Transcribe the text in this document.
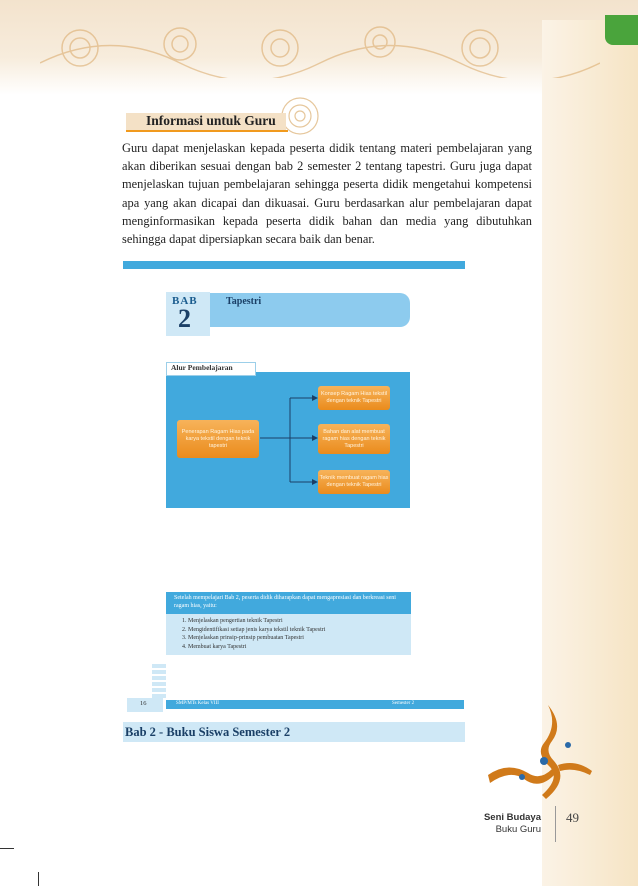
Informasi untuk Guru

Guru dapat menjelaskan kepada peserta didik tentang materi pembelajaran yang akan diberikan sesuai dengan bab 2 semester 2 tentang tapestri. Guru juga dapat menjelaskan tujuan pembelajaran sehingga peserta didik mengetahui kompetensi apa yang akan dicapai dan dikuasai. Guru berdasarkan alur pembelajaran dapat menginformasikan kepada peserta didik bahan dan media yang dibutuhkan sehingga dapat dipersiapkan secara baik dan benar.

BAB
2
Tapestri
Alur Pembelajaran
Penerapan Ragam Hias pada karya tekstil dengan teknik tapestri
Konsep Ragam Hias tekstil dengan teknik Tapestri
Bahan dan alat membuat ragam hias dengan teknik Tapestri
Teknik membuat ragam hias dengan teknik Tapestri
Setelah mempelajari Bab 2, peserta didik diharapkan dapat mengapresiasi dan berkreasi seni ragam hias, yaitu:
1. Menjelaskan pengertian teknik Tapestri
2. Mengidentifikasi setiap jenis karya tekstil teknik Tapestri
3. Menjelaskan prinsip-prinsip pembuatan Tapestri
4. Membuat karya Tapestri
16	SMP/MTs Kelas VIII	Semester 2
Bab 2 - Buku Siswa Semester 2
Seni Budaya
Buku Guru
49
